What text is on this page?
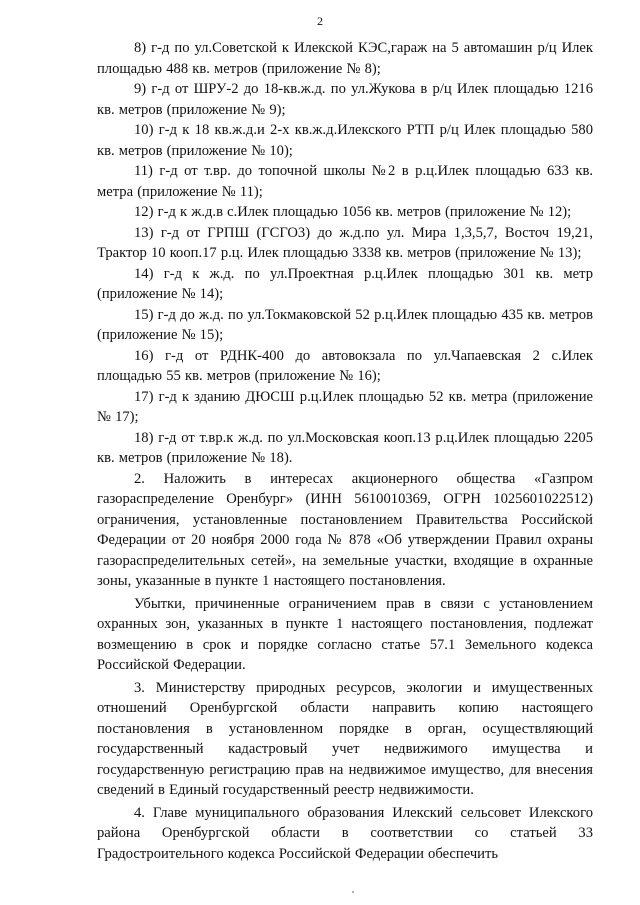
2

8) г-д по ул.Советской к Илекской КЭС,гараж на 5 автомашин р/ц Илек площадью 488 кв. метров (приложение № 8);

9) г-д от ШРУ-2 до 18-кв.ж.д. по ул.Жукова в р/ц Илек площадью 1216 кв. метров (приложение № 9);

10) г-д к 18 кв.ж.д.и 2-х кв.ж.д.Илекского РТП р/ц Илек площадью 580 кв. метров (приложение № 10);

11) г-д от т.вр. до топочной школы №2 в р.ц.Илек площадью 633 кв. метра (приложение № 11);

12) г-д к ж.д.в с.Илек площадью 1056 кв. метров (приложение № 12);

13) г-д от ГРПШ (ГСГО3) до ж.д.по ул. Мира 1,3,5,7, Восточ 19,21, Трактор 10 кооп.17 р.ц. Илек площадью 3338 кв. метров (приложение № 13);

14) г-д к ж.д. по ул.Проектная р.ц.Илек площадью 301 кв. метр (приложение № 14);

15) г-д до ж.д. по ул.Токмаковской 52 р.ц.Илек площадью 435 кв. метров (приложение № 15);

16) г-д от РДНК-400 до автовокзала по ул.Чапаевская 2 с.Илек площадью 55 кв. метров (приложение № 16);

17) г-д к зданию ДЮСШ р.ц.Илек площадью 52 кв. метра (приложение № 17);

18) г-д от т.вр.к ж.д. по ул.Московская кооп.13 р.ц.Илек площадью 2205 кв. метров (приложение № 18).

2. Наложить в интересах акционерного общества «Газпром газораспределение Оренбург» (ИНН 5610010369, ОГРН 1025601022512) ограничения, установленные постановлением Правительства Российской Федерации от 20 ноября 2000 года № 878 «Об утверждении Правил охраны газораспределительных сетей», на земельные участки, входящие в охранные зоны, указанные в пункте 1 настоящего постановления.

Убытки, причиненные ограничением прав в связи с установлением охранных зон, указанных в пункте 1 настоящего постановления, подлежат возмещению в срок и порядке согласно статье 57.1 Земельного кодекса Российской Федерации.

3. Министерству природных ресурсов, экологии и имущественных отношений Оренбургской области направить копию настоящего постановления в установленном порядке в орган, осуществляющий государственный кадастровый учет недвижимого имущества и государственную регистрацию прав на недвижимое имущество, для внесения сведений в Единый государственный реестр недвижимости.

4. Главе муниципального образования Илекский сельсовет Илекского района Оренбургской области в соответствии со статьей 33 Градостроительного кодекса Российской Федерации обеспечить
